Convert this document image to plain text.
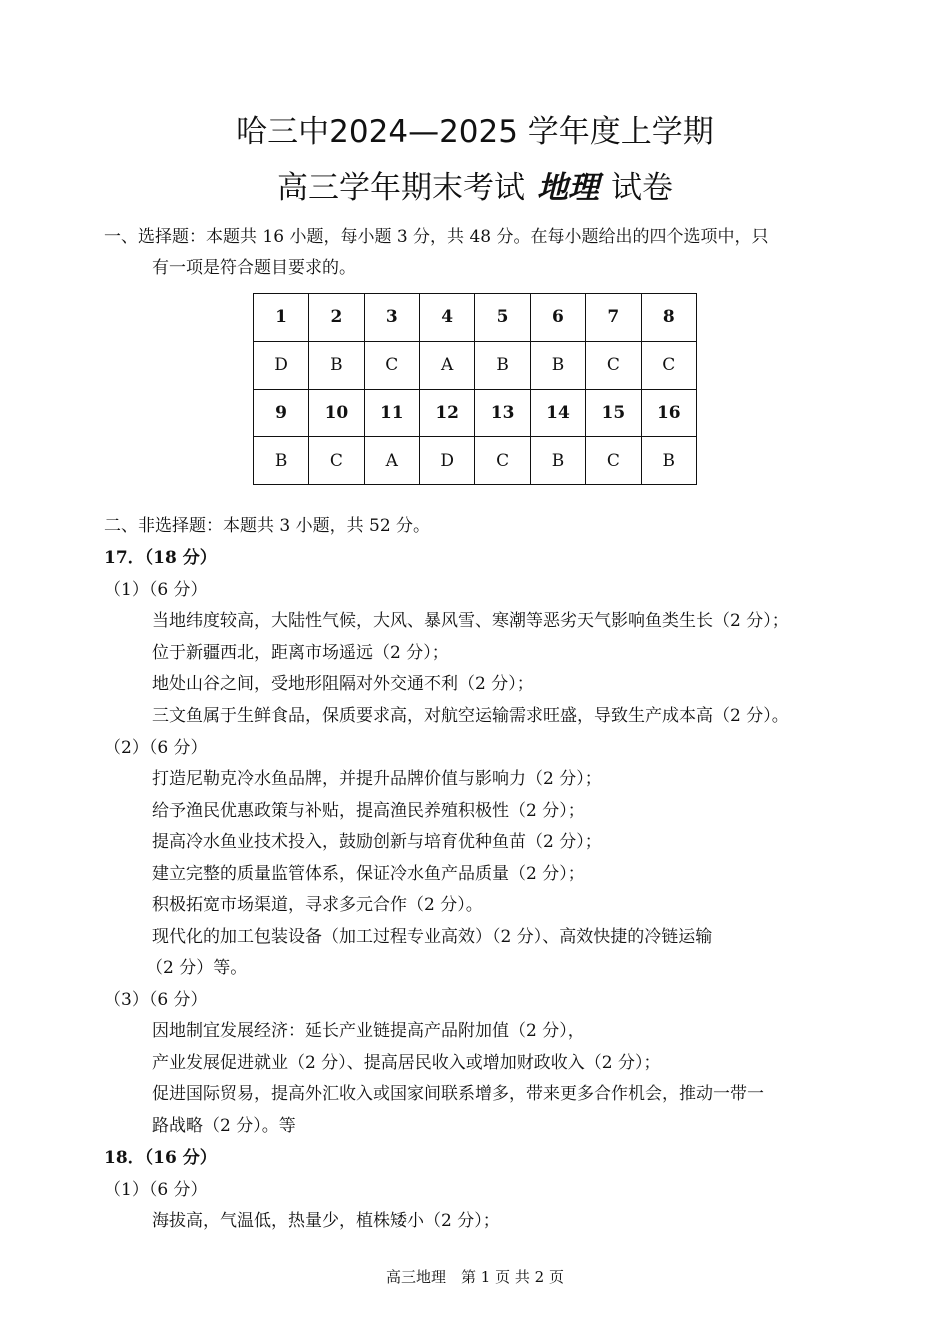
哈三中2024—2025 学年度上学期
高三学年期末考试 地理 试卷
一、选择题：本题共 16 小题，每小题 3 分，共 48 分。在每小题给出的四个选项中，只
有一项是符合题目要求的。
1	2	3	4	5	6	7	8
D	B	C	A	B	B	C	C
9	10	11	12	13	14	15	16
B	C	A	D	C	B	C	B
二、非选择题：本题共 3 小题，共 52 分。
17．（18 分）
（1）（6 分）
当地纬度较高，大陆性气候，大风、暴风雪、寒潮等恶劣天气影响鱼类生长（2 分）；
位于新疆西北，距离市场遥远（2 分）；
地处山谷之间，受地形阻隔对外交通不利（2 分）；
三文鱼属于生鲜食品，保质要求高，对航空运输需求旺盛，导致生产成本高（2 分）。
（2）（6 分）
打造尼勒克冷水鱼品牌，并提升品牌价值与影响力（2 分）；
给予渔民优惠政策与补贴，提高渔民养殖积极性（2 分）；
提高冷水鱼业技术投入，鼓励创新与培育优种鱼苗（2 分）；
建立完整的质量监管体系，保证冷水鱼产品质量（2 分）；
积极拓宽市场渠道，寻求多元合作（2 分）。
现代化的加工包装设备（加工过程专业高效）（2 分）、高效快捷的冷链运输
（2 分）等。
（3）（6 分）
因地制宜发展经济：延长产业链提高产品附加值（2 分），
产业发展促进就业（2 分）、提高居民收入或增加财政收入（2 分）；
促进国际贸易，提高外汇收入或国家间联系增多，带来更多合作机会，推动一带一
路战略（2 分）。等
18．（16 分）
（1）（6 分）
海拔高，气温低，热量少，植株矮小（2 分）；
高三地理　第 1 页 共 2 页
